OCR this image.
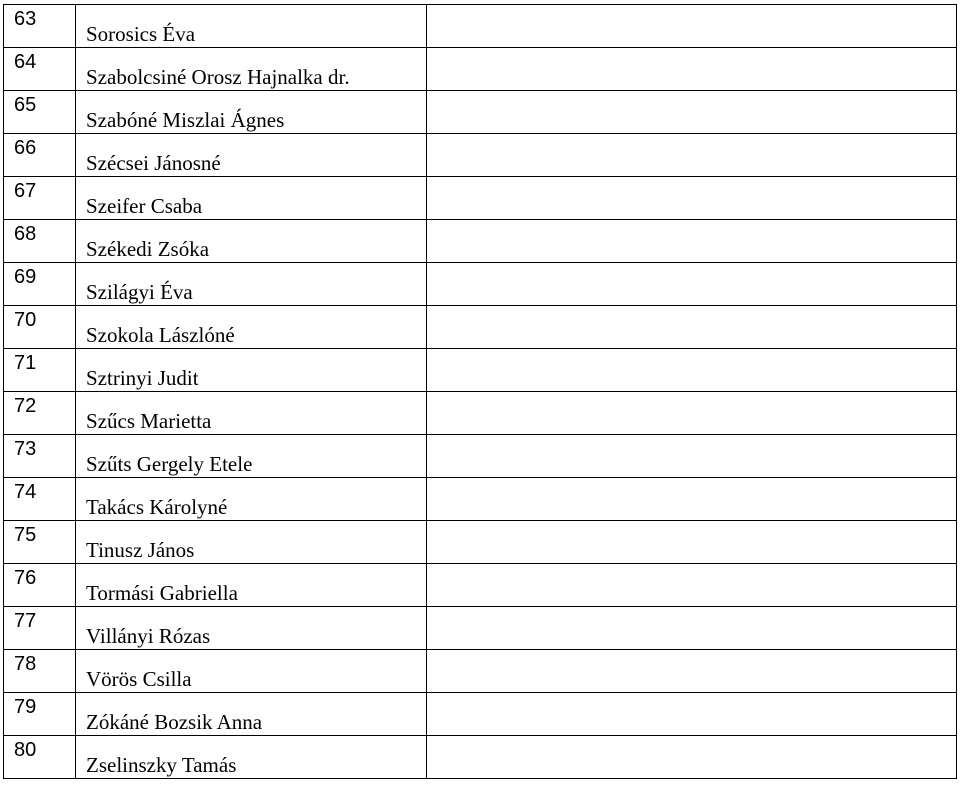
63	Sorosics Éva	
64	Szabolcsiné Orosz Hajnalka dr.	
65	Szabóné Miszlai Ágnes	
66	Szécsei Jánosné	
67	Szeifer Csaba	
68	Székedi Zsóka	
69	Szilágyi Éva	
70	Szokola Lászlóné	
71	Sztrinyi Judit	
72	Szűcs Marietta	
73	Szűts Gergely Etele	
74	Takács Károlyné	
75	Tinusz János	
76	Tormási Gabriella	
77	Villányi Rózas	
78	Vörös Csilla	
79	Zókáné Bozsik Anna	
80	Zselinszky Tamás	
